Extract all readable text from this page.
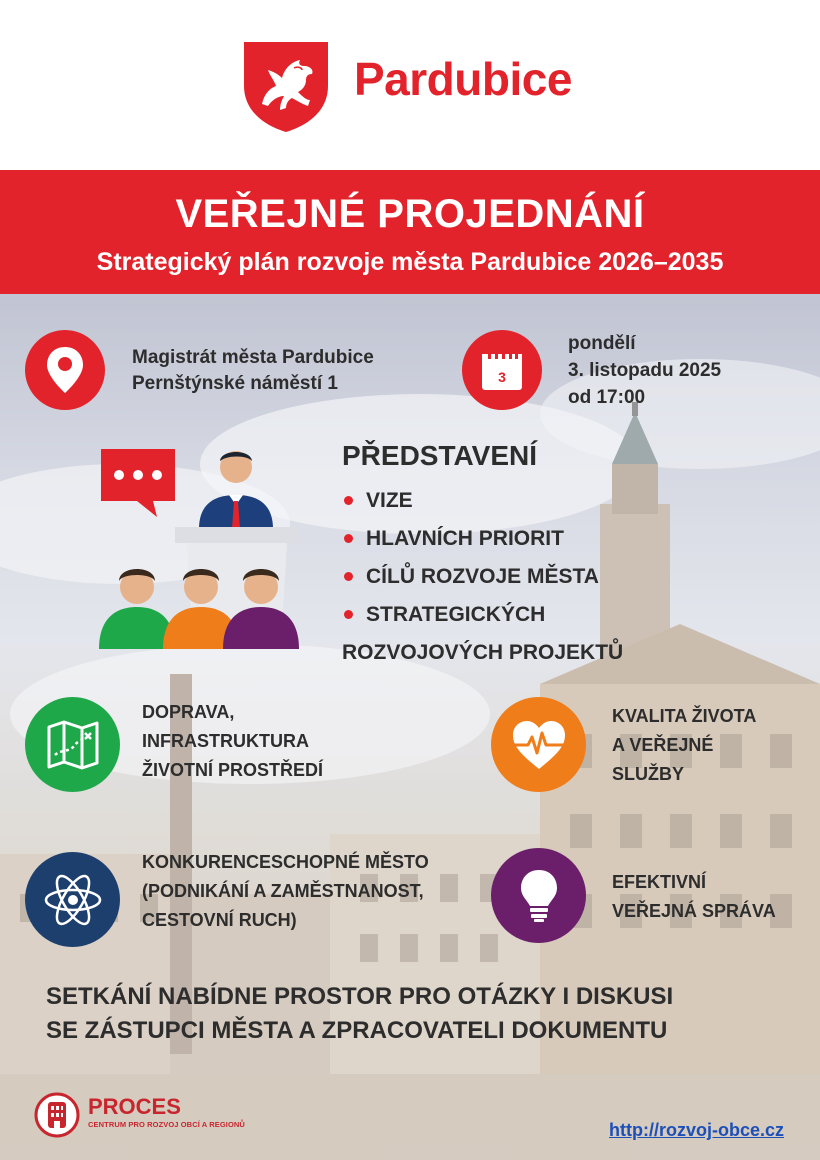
Pardubice
VEŘEJNÉ PROJEDNÁNÍ
Strategický plán rozvoje města Pardubice 2026–2035
Magistrát města Pardubice
Pernštýnské náměstí 1	3
pondělí
3. listopadu 2025
od 17:00
PŘEDSTAVENÍ
VIZE
HLAVNÍCH PRIORIT
CÍLŮ ROZVOJE MĚSTA
STRATEGICKÝCH
ROZVOJOVÝCH PROJEKTŮ
DOPRAVA,
INFRASTRUKTURA
ŽIVOTNÍ PROSTŘEDÍ
KVALITA ŽIVOTA
A VEŘEJNÉ
SLUŽBY
KONKURENCESCHOPNÉ MĚSTO
(PODNIKÁNÍ A ZAMĚSTNANOST,
CESTOVNÍ RUCH)
EFEKTIVNÍ
VEŘEJNÁ SPRÁVA
SETKÁNÍ NABÍDNE PROSTOR PRO OTÁZKY I DISKUSI
SE ZÁSTUPCI MĚSTA A ZPRACOVATELI DOKUMENTU
PROCES
CENTRUM PRO ROZVOJ OBCÍ A REGIONŮ	http://rozvoj-obce.cz
